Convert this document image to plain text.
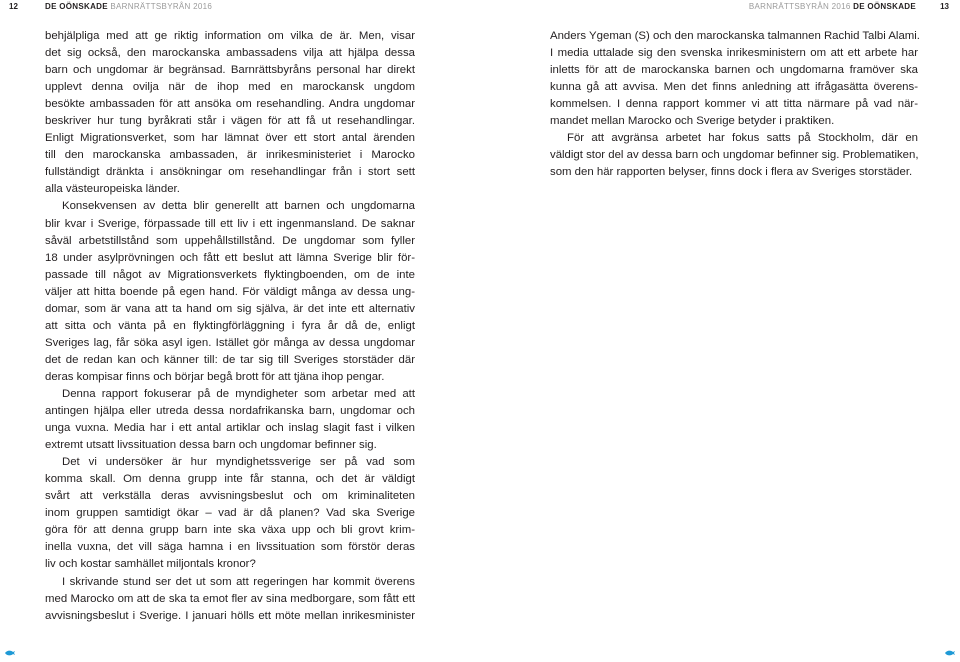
12	DE OÖNSKADE BARNRÄTTSBYRÅN 2016	BARNRÄTTSBYRÅN 2016 DE OÖNSKADE	13
behjälpliga med att ge riktig information om vilka de är. Men, visar
det sig också, den marockanska ambassadens vilja att hjälpa dessa
barn och ungdomar är begränsad. Barnrättsbyråns personal har direkt
upplevt denna ovilja när de ihop med en marockansk ungdom
besökte ambassaden för att ansöka om resehandling. Andra ungdomar
beskriver hur tung byråkrati står i vägen för att få ut resehandlingar.
Enligt Migrationsverket, som har lämnat över ett stort antal ärenden
till den marockanska ambassaden, är inrikesministeriet i Marocko
fullständigt dränkta i ansökningar om resehandlingar från i stort sett
alla västeuropeiska länder.
Konsekvensen av detta blir generellt att barnen och ungdomarna
blir kvar i Sverige, förpassade till ett liv i ett ingenmansland. De saknar
såväl arbetstillstånd som uppehållstillstånd. De ungdomar som fyller
18 under asylprövningen och fått ett beslut att lämna Sverige blir för-
passade till något av Migrationsverkets flyktingboenden, om de inte
väljer att hitta boende på egen hand. För väldigt många av dessa ung-
domar, som är vana att ta hand om sig själva, är det inte ett alternativ
att sitta och vänta på en flyktingförläggning i fyra år då de, enligt
Sveriges lag, får söka asyl igen. Istället gör många av dessa ungdomar
det de redan kan och känner till: de tar sig till Sveriges storstäder där
deras kompisar finns och börjar begå brott för att tjäna ihop pengar.
Denna rapport fokuserar på de myndigheter som arbetar med att
antingen hjälpa eller utreda dessa nordafrikanska barn, ungdomar och
unga vuxna. Media har i ett antal artiklar och inslag slagit fast i vilken
extremt utsatt livssituation dessa barn och ungdomar befinner sig.
Det vi undersöker är hur myndighetssverige ser på vad som
komma skall. Om denna grupp inte får stanna, och det är väldigt
svårt att verkställa deras avvisningsbeslut och om kriminaliteten
inom gruppen samtidigt ökar – vad är då planen? Vad ska Sverige
göra för att denna grupp barn inte ska växa upp och bli grovt krim-
inella vuxna, det vill säga hamna i en livssituation som förstör deras
liv och kostar samhället miljontals kronor?
I skrivande stund ser det ut som att regeringen har kommit överens
med Marocko om att de ska ta emot fler av sina medborgare, som fått ett
avvisningsbeslut i Sverige. I januari hölls ett möte mellan inrikesminister
Anders Ygeman (S) och den marockanska talmannen Rachid Talbi Alami.
I media uttalade sig den svenska inrikesministern om att ett arbete har
inletts för att de marockanska barnen och ungdomarna framöver ska
kunna gå att avvisa. Men det finns anledning att ifrågasätta överens-
kommelsen. I denna rapport kommer vi att titta närmare på vad när-
mandet mellan Marocko och Sverige betyder i praktiken.
För att avgränsa arbetet har fokus satts på Stockholm, där en
väldigt stor del av dessa barn och ungdomar befinner sig. Problematiken,
som den här rapporten belyser, finns dock i flera av Sveriges storstäder.
